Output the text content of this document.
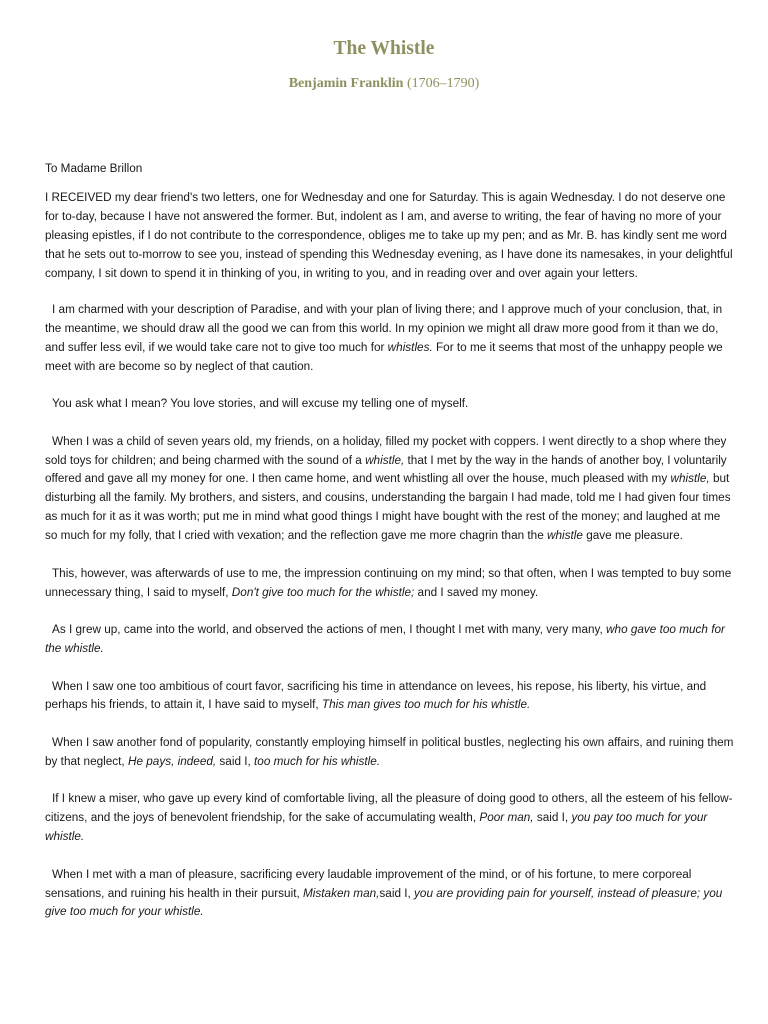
The Whistle
Benjamin Franklin (1706–1790)

To Madame Brillon

I RECEIVED my dear friend's two letters, one for Wednesday and one for Saturday. This is again Wednesday. I do not deserve one for to-day, because I have not answered the former. But, indolent as I am, and averse to writing, the fear of having no more of your pleasing epistles, if I do not contribute to the correspondence, obliges me to take up my pen; and as Mr. B. has kindly sent me word that he sets out to-morrow to see you, instead of spending this Wednesday evening, as I have done its namesakes, in your delightful company, I sit down to spend it in thinking of you, in writing to you, and in reading over and over again your letters.

I am charmed with your description of Paradise, and with your plan of living there; and I approve much of your conclusion, that, in the meantime, we should draw all the good we can from this world. In my opinion we might all draw more good from it than we do, and suffer less evil, if we would take care not to give too much for whistles. For to me it seems that most of the unhappy people we meet with are become so by neglect of that caution.

You ask what I mean? You love stories, and will excuse my telling one of myself.

When I was a child of seven years old, my friends, on a holiday, filled my pocket with coppers. I went directly to a shop where they sold toys for children; and being charmed with the sound of a whistle, that I met by the way in the hands of another boy, I voluntarily offered and gave all my money for one. I then came home, and went whistling all over the house, much pleased with my whistle, but disturbing all the family. My brothers, and sisters, and cousins, understanding the bargain I had made, told me I had given four times as much for it as it was worth; put me in mind what good things I might have bought with the rest of the money; and laughed at me so much for my folly, that I cried with vexation; and the reflection gave me more chagrin than the whistle gave me pleasure.

This, however, was afterwards of use to me, the impression continuing on my mind; so that often, when I was tempted to buy some unnecessary thing, I said to myself, Don't give too much for the whistle; and I saved my money.

As I grew up, came into the world, and observed the actions of men, I thought I met with many, very many, who gave too much for the whistle.

When I saw one too ambitious of court favor, sacrificing his time in attendance on levees, his repose, his liberty, his virtue, and perhaps his friends, to attain it, I have said to myself, This man gives too much for his whistle.

When I saw another fond of popularity, constantly employing himself in political bustles, neglecting his own affairs, and ruining them by that neglect, He pays, indeed, said I, too much for his whistle.

If I knew a miser, who gave up every kind of comfortable living, all the pleasure of doing good to others, all the esteem of his fellow-citizens, and the joys of benevolent friendship, for the sake of accumulating wealth, Poor man, said I, you pay too much for your whistle.

When I met with a man of pleasure, sacrificing every laudable improvement of the mind, or of his fortune, to mere corporeal sensations, and ruining his health in their pursuit, Mistaken man,said I, you are providing pain for yourself, instead of pleasure; you give too much for your whistle.
